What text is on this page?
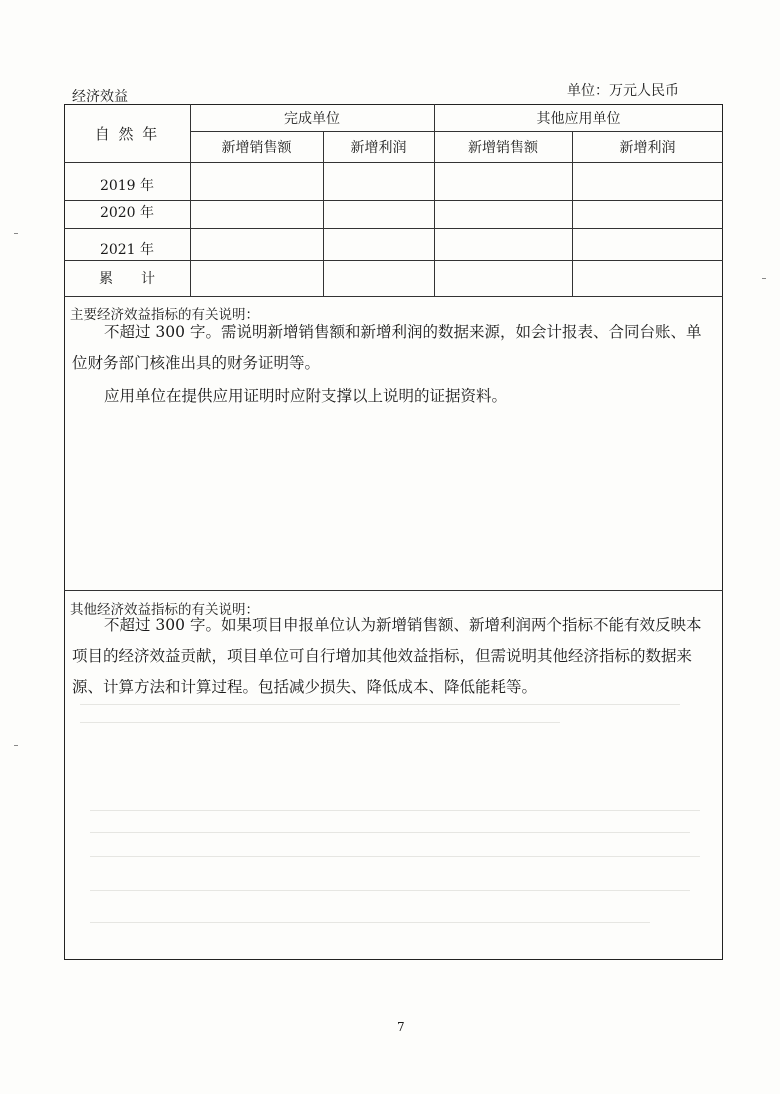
经济效益	单位：万元人民币
自 然 年
完成单位	其他应用单位
新增销售额	新增利润	新增销售额	新增利润
2019 年
2020 年
2021 年
累　　计
主要经济效益指标的有关说明：
不超过 300 字。需说明新增销售额和新增利润的数据来源，如会计报表、合同台账、单
位财务部门核准出具的财务证明等。
应用单位在提供应用证明时应附支撑以上说明的证据资料。
其他经济效益指标的有关说明：
不超过 300 字。如果项目申报单位认为新增销售额、新增利润两个指标不能有效反映本
项目的经济效益贡献，项目单位可自行增加其他效益指标，但需说明其他经济指标的数据来
源、计算方法和计算过程。包括减少损失、降低成本、降低能耗等。
7
